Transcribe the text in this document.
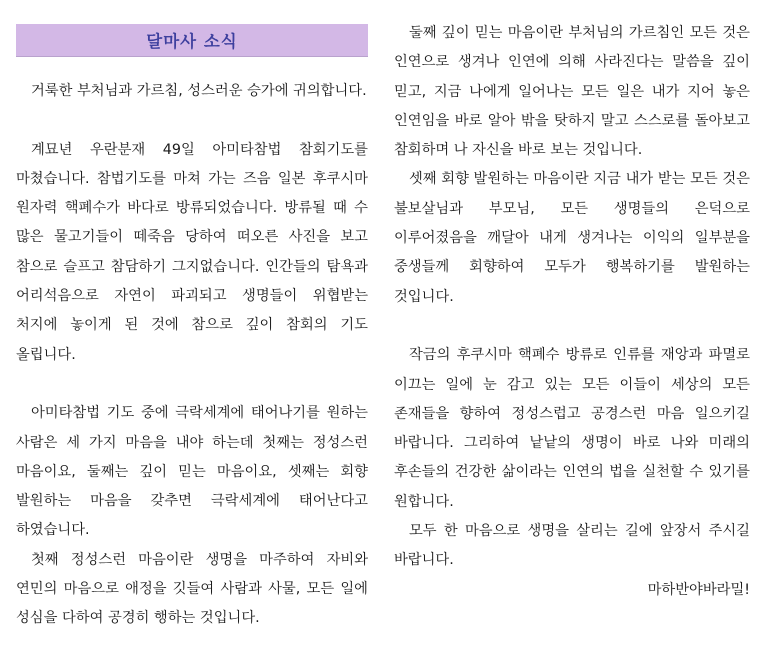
달마사 소식

거룩한 부처님과 가르침, 성스러운 승가에 귀의합니다.

계묘년 우란분재 49일 아미타참법 참회기도를 마쳤습니다. 참법기도를 마쳐 가는 즈음 일본 후쿠시마 원자력 핵폐수가 바다로 방류되었습니다. 방류될 때 수 많은 물고기들이 떼죽음 당하여 떠오른 사진을 보고 참으로 슬프고 참담하기 그지없습니다. 인간들의 탐욕과 어리석음으로 자연이 파괴되고 생명들이 위협받는 처지에 놓이게 된 것에 참으로 깊이 참회의 기도 올립니다.

아미타참법 기도 중에 극락세계에 태어나기를 원하는 사람은 세 가지 마음을 내야 하는데 첫째는 정성스런 마음이요, 둘째는 깊이 믿는 마음이요, 셋째는 회향 발원하는 마음을 갖추면 극락세계에 태어난다고 하였습니다.

첫째 정성스런 마음이란 생명을 마주하여 자비와 연민의 마음으로 애정을 깃들여 사람과 사물, 모든 일에 성심을 다하여 공경히 행하는 것입니다.

둘째 깊이 믿는 마음이란 부처님의 가르침인 모든 것은 인연으로 생겨나 인연에 의해 사라진다는 말씀을 깊이 믿고, 지금 나에게 일어나는 모든 일은 내가 지어 놓은 인연임을 바로 알아 밖을 탓하지 말고 스스로를 돌아보고 참회하며 나 자신을 바로 보는 것입니다.

셋째 회향 발원하는 마음이란 지금 내가 받는 모든 것은 불보살님과 부모님, 모든 생명들의 은덕으로 이루어졌음을 깨달아 내게 생겨나는 이익의 일부분을 중생들께 회향하여 모두가 행복하기를 발원하는 것입니다.

작금의 후쿠시마 핵폐수 방류로 인류를 재앙과 파멸로 이끄는 일에 눈 감고 있는 모든 이들이 세상의 모든 존재들을 향하여 정성스럽고 공경스런 마음 일으키길 바랍니다. 그리하여 낱낱의 생명이 바로 나와 미래의 후손들의 건강한 삶이라는 인연의 법을 실천할 수 있기를 원합니다.

모두 한 마음으로 생명을 살리는 길에 앞장서 주시길 바랍니다.

마하반야바라밀!
